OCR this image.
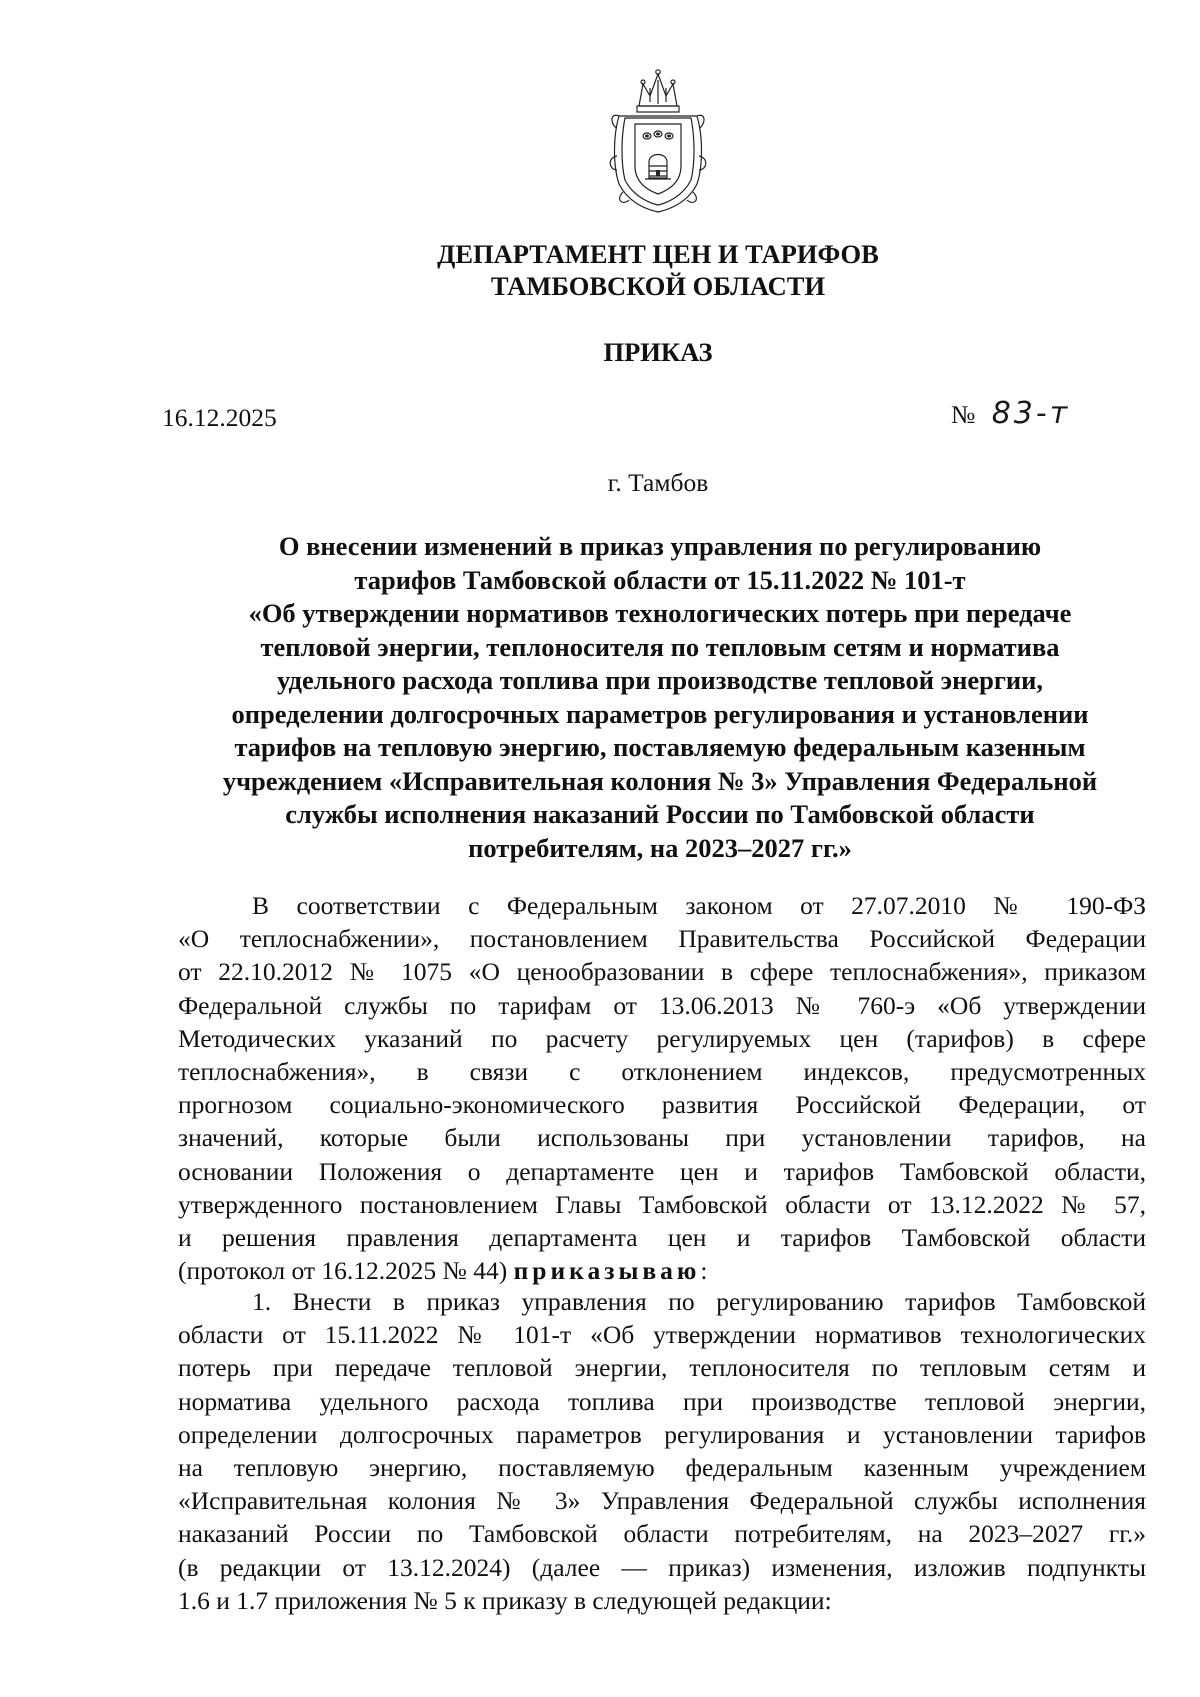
ДЕПАРТАМЕНТ ЦЕН И ТАРИФОВ
ТАМБОВСКОЙ ОБЛАСТИ
ПРИКАЗ
16.12.2025	№ 83-т
г. Тамбов
О внесении изменений в приказ управления по регулированию
тарифов Тамбовской области от 15.11.2022 № 101-т
«Об утверждении нормативов технологических потерь при передаче
тепловой энергии, теплоносителя по тепловым сетям и норматива
удельного расхода топлива при производстве тепловой энергии,
определении долгосрочных параметров регулирования и установлении
тарифов на тепловую энергию, поставляемую федеральным казенным
учреждением «Исправительная колония № 3» Управления Федеральной
службы исполнения наказаний России по Тамбовской области
потребителям, на 2023–2027 гг.»
В соответствии с Федеральным законом от 27.07.2010 № 190-ФЗ
«О теплоснабжении», постановлением Правительства Российской Федерации
от 22.10.2012 № 1075 «О ценообразовании в сфере теплоснабжения», приказом
Федеральной службы по тарифам от 13.06.2013 № 760-э «Об утверждении
Методических указаний по расчету регулируемых цен (тарифов) в сфере
теплоснабжения», в связи с отклонением индексов, предусмотренных
прогнозом социально-экономического развития Российской Федерации, от
значений, которые были использованы при установлении тарифов, на
основании Положения о департаменте цен и тарифов Тамбовской области,
утвержденного постановлением Главы Тамбовской области от 13.12.2022 № 57,
и решения правления департамента цен и тарифов Тамбовской области
(протокол от 16.12.2025 № 44) приказываю:
1. Внести в приказ управления по регулированию тарифов Тамбовской
области от 15.11.2022 № 101-т «Об утверждении нормативов технологических
потерь при передаче тепловой энергии, теплоносителя по тепловым сетям и
норматива удельного расхода топлива при производстве тепловой энергии,
определении долгосрочных параметров регулирования и установлении тарифов
на тепловую энергию, поставляемую федеральным казенным учреждением
«Исправительная колония № 3» Управления Федеральной службы исполнения
наказаний России по Тамбовской области потребителям, на 2023–2027 гг.»
(в редакции от 13.12.2024) (далее — приказ) изменения, изложив подпункты
1.6 и 1.7 приложения № 5 к приказу в следующей редакции:
